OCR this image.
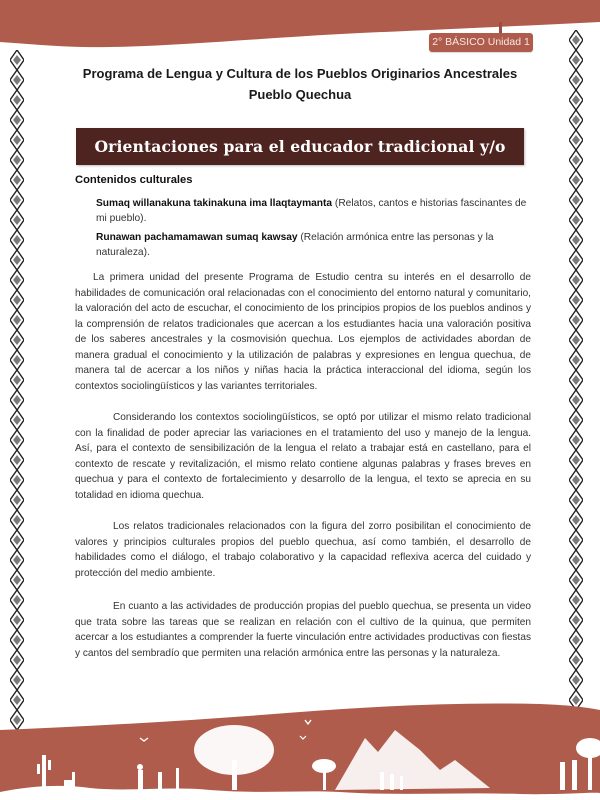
2° BÁSICO Unidad 1
Programa de Lengua y Cultura de los Pueblos Originarios Ancestrales
Pueblo Quechua
Orientaciones para el educador tradicional y/o docente
Contenidos culturales
Sumaq willanakuna takinakuna ima llaqtaymanta (Relatos, cantos e historias fascinantes de mi pueblo).
Runawan pachamamawan sumaq kawsay (Relación armónica entre las personas y la naturaleza).

La primera unidad del presente Programa de Estudio centra su interés en el desarrollo de habilidades de comunicación oral relacionadas con el conocimiento del entorno natural y comunitario, la valoración del acto de escuchar, el conocimiento de los principios propios de los pueblos andinos y la comprensión de relatos tradicionales que acercan a los estudiantes hacia una valoración positiva de los saberes ancestrales y la cosmovisión quechua. Los ejemplos de actividades abordan de manera gradual el conocimiento y la utilización de palabras y expresiones en lengua quechua, de manera tal de acercar a los niños y niñas hacia la práctica interaccional del idioma, según los contextos sociolingüísticos y las variantes territoriales.

Considerando los contextos sociolingüísticos, se optó por utilizar el mismo relato tradicional con la finalidad de poder apreciar las variaciones en el tratamiento del uso y manejo de la lengua. Así, para el contexto de sensibilización de la lengua el relato a trabajar está en castellano, para el contexto de rescate y revitalización, el mismo relato contiene algunas palabras y frases breves en quechua y para el contexto de fortalecimiento y desarrollo de la lengua, el texto se aprecia en su totalidad en idioma quechua.

Los relatos tradicionales relacionados con la figura del zorro posibilitan el conocimiento de valores y principios culturales propios del pueblo quechua, así como también, el desarrollo de habilidades como el diálogo, el trabajo colaborativo y la capacidad reflexiva acerca del cuidado y protección del medio ambiente.

En cuanto a las actividades de producción propias del pueblo quechua, se presenta un video que trata sobre las tareas que se realizan en relación con el cultivo de la quinua, que permiten acercar a los estudiantes a comprender la fuerte vinculación entre actividades productivas con fiestas y cantos del sembradío que permiten una relación armónica entre las personas y la naturaleza.
